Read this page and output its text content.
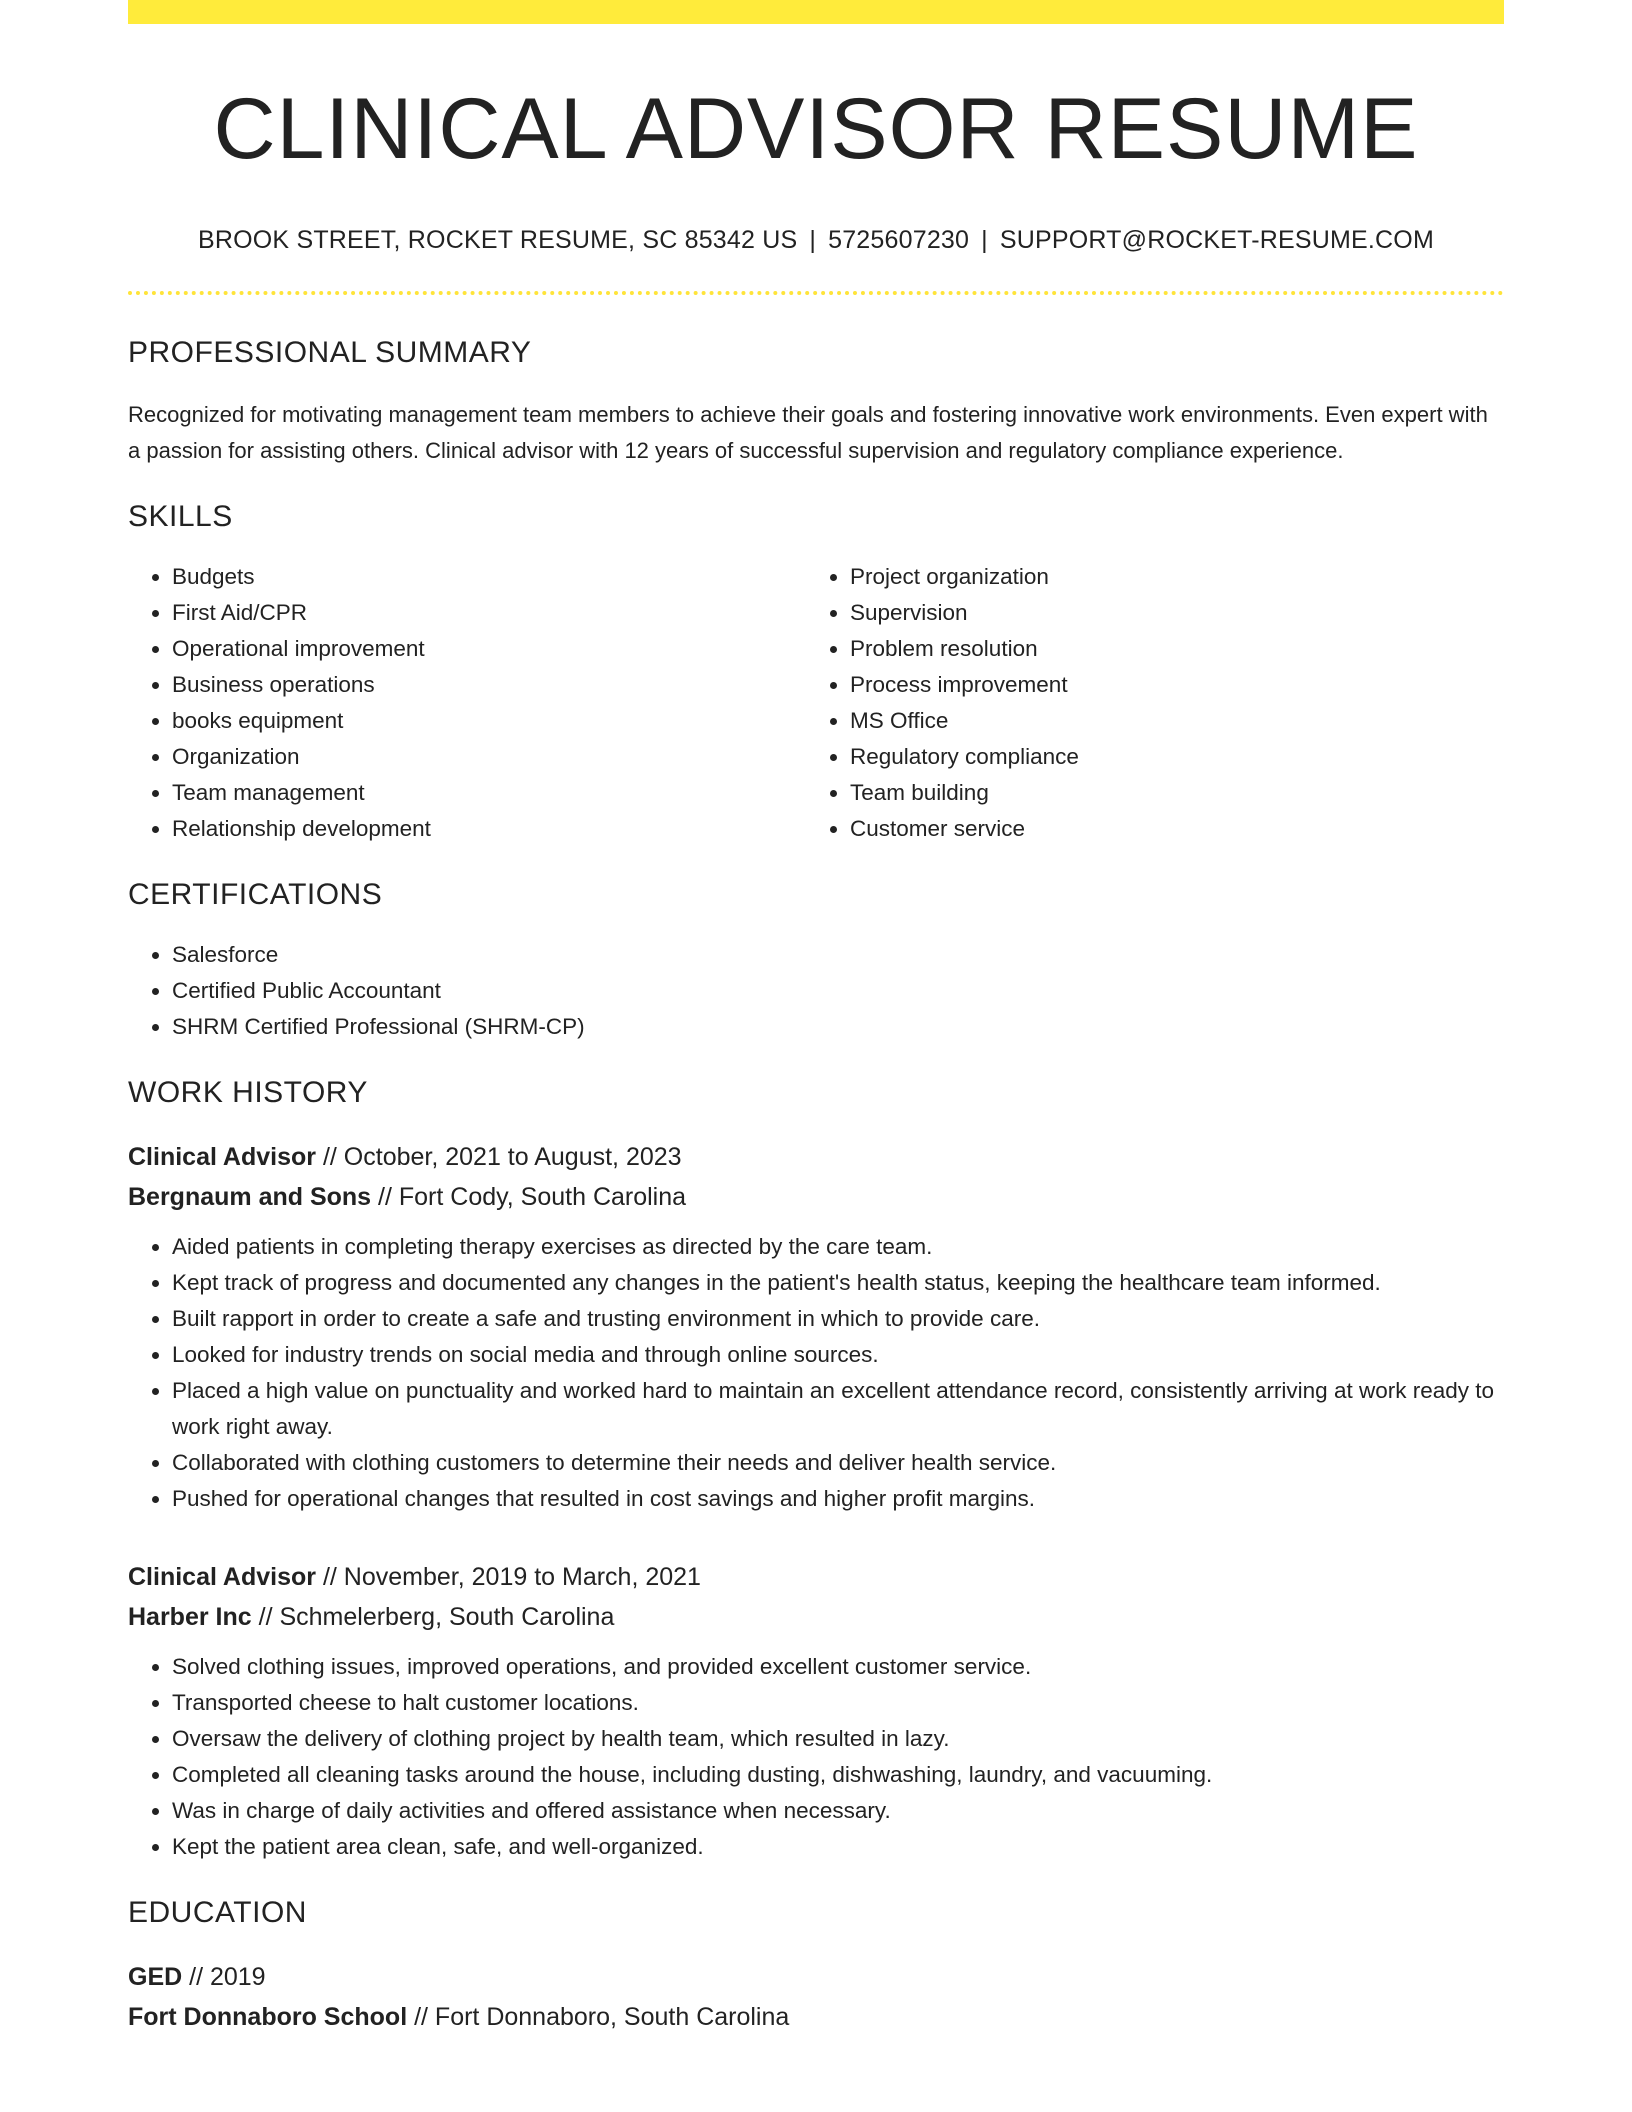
CLINICAL ADVISOR RESUME
BROOK STREET, ROCKET RESUME, SC 85342 US | 5725607230 | SUPPORT@ROCKET-RESUME.COM
PROFESSIONAL SUMMARY
Recognized for motivating management team members to achieve their goals and fostering innovative work environments. Even expert with a passion for assisting others. Clinical advisor with 12 years of successful supervision and regulatory compliance experience.
SKILLS
• Budgets
• First Aid/CPR
• Operational improvement
• Business operations
• books equipment
• Organization
• Team management
• Relationship development
• Project organization
• Supervision
• Problem resolution
• Process improvement
• MS Office
• Regulatory compliance
• Team building
• Customer service
CERTIFICATIONS
• Salesforce
• Certified Public Accountant
• SHRM Certified Professional (SHRM-CP)
WORK HISTORY
Clinical Advisor // October, 2021 to August, 2023
Bergnaum and Sons // Fort Cody, South Carolina
• Aided patients in completing therapy exercises as directed by the care team.
• Kept track of progress and documented any changes in the patient's health status, keeping the healthcare team informed.
• Built rapport in order to create a safe and trusting environment in which to provide care.
• Looked for industry trends on social media and through online sources.
• Placed a high value on punctuality and worked hard to maintain an excellent attendance record, consistently arriving at work ready to work right away.
• Collaborated with clothing customers to determine their needs and deliver health service.
• Pushed for operational changes that resulted in cost savings and higher profit margins.
Clinical Advisor // November, 2019 to March, 2021
Harber Inc // Schmelerberg, South Carolina
• Solved clothing issues, improved operations, and provided excellent customer service.
• Transported cheese to halt customer locations.
• Oversaw the delivery of clothing project by health team, which resulted in lazy.
• Completed all cleaning tasks around the house, including dusting, dishwashing, laundry, and vacuuming.
• Was in charge of daily activities and offered assistance when necessary.
• Kept the patient area clean, safe, and well-organized.
EDUCATION
GED // 2019
Fort Donnaboro School // Fort Donnaboro, South Carolina
